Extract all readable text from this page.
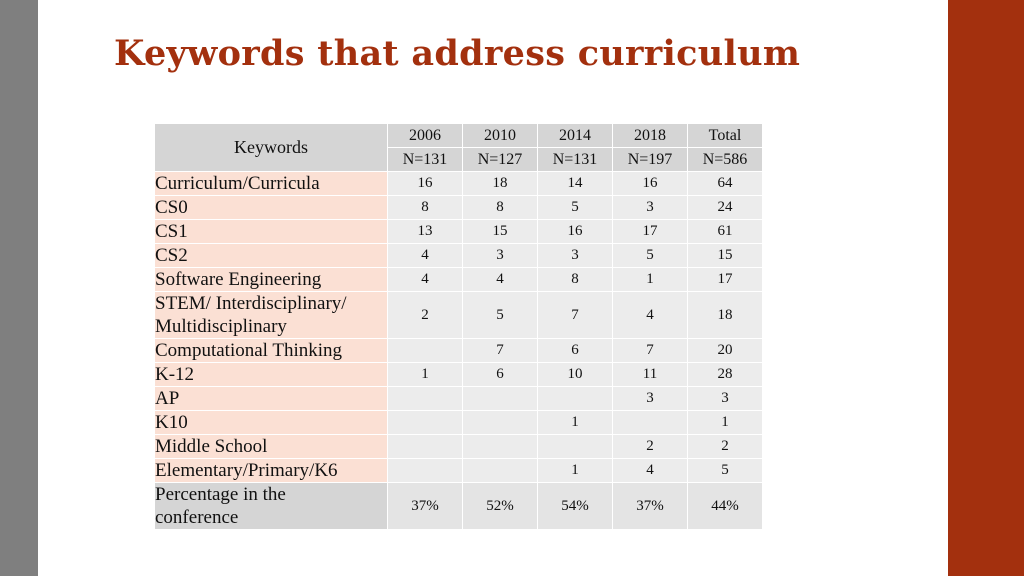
Keywords that address curriculum
Keywords	2006	2010	2014	2018	Total
	N=131	N=127	N=131	N=197	N=586
Curriculum/Curricula	16	18	14	16	64
CS0	8	8	5	3	24
CS1	13	15	16	17	61
CS2	4	3	3	5	15
Software Engineering	4	4	8	1	17
STEM/ Interdisciplinary/
Multidisciplinary	2	5	7	4	18
Computational Thinking		7	6	7	20
K-12	1	6	10	11	28
AP				3	3
K10			1		1
Middle School				2	2
Elementary/Primary/K6			1	4	5
Percentage in the
conference	37%	52%	54%	37%	44%
